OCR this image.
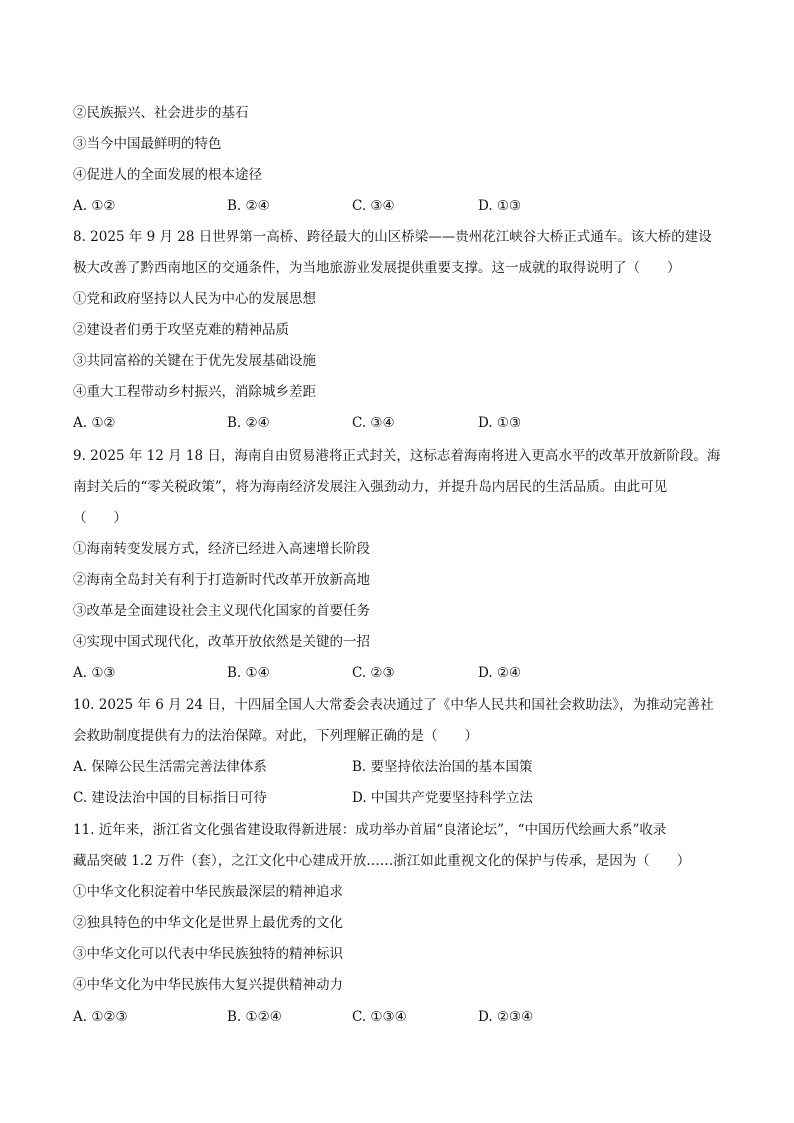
②民族振兴、社会进步的基石
③当今中国最鲜明的特色
④促进人的全面发展的根本途径
A. ①②	B. ②④	C. ③④	D. ①③
8. 2025 年 9 月 28 日世界第一高桥、跨径最大的山区桥梁——贵州花江峡谷大桥正式通车。该大桥的建设
极大改善了黔西南地区的交通条件，为当地旅游业发展提供重要支撑。这一成就的取得说明了（　　）
①党和政府坚持以人民为中心的发展思想
②建设者们勇于攻坚克难的精神品质
③共同富裕的关键在于优先发展基础设施
④重大工程带动乡村振兴，消除城乡差距
A. ①②	B. ②④	C. ③④	D. ①③
9. 2025 年 12 月 18 日，海南自由贸易港将正式封关，这标志着海南将进入更高水平的改革开放新阶段。海
南封关后的“零关税政策”，将为海南经济发展注入强劲动力，并提升岛内居民的生活品质。由此可见
（　　）
①海南转变发展方式，经济已经进入高速增长阶段
②海南全岛封关有利于打造新时代改革开放新高地
③改革是全面建设社会主义现代化国家的首要任务
④实现中国式现代化，改革开放依然是关键的一招
A. ①③	B. ①④	C. ②③	D. ②④
10. 2025 年 6 月 24 日，十四届全国人大常委会表决通过了《中华人民共和国社会救助法》，为推动完善社
会救助制度提供有力的法治保障。对此，下列理解正确的是（　　）
A. 保障公民生活需完善法律体系	B. 要坚持依法治国的基本国策
C. 建设法治中国的目标指日可待	D. 中国共产党要坚持科学立法
11. 近年来，浙江省文化强省建设取得新进展：成功举办首届“良渚论坛”，“中国历代绘画大系”收录
藏品突破 1.2 万件（套），之江文化中心建成开放……浙江如此重视文化的保护与传承，是因为（　　）
①中华文化积淀着中华民族最深层的精神追求
②独具特色的中华文化是世界上最优秀的文化
③中华文化可以代表中华民族独特的精神标识
④中华文化为中华民族伟大复兴提供精神动力
A. ①②③	B. ①②④	C. ①③④	D. ②③④
